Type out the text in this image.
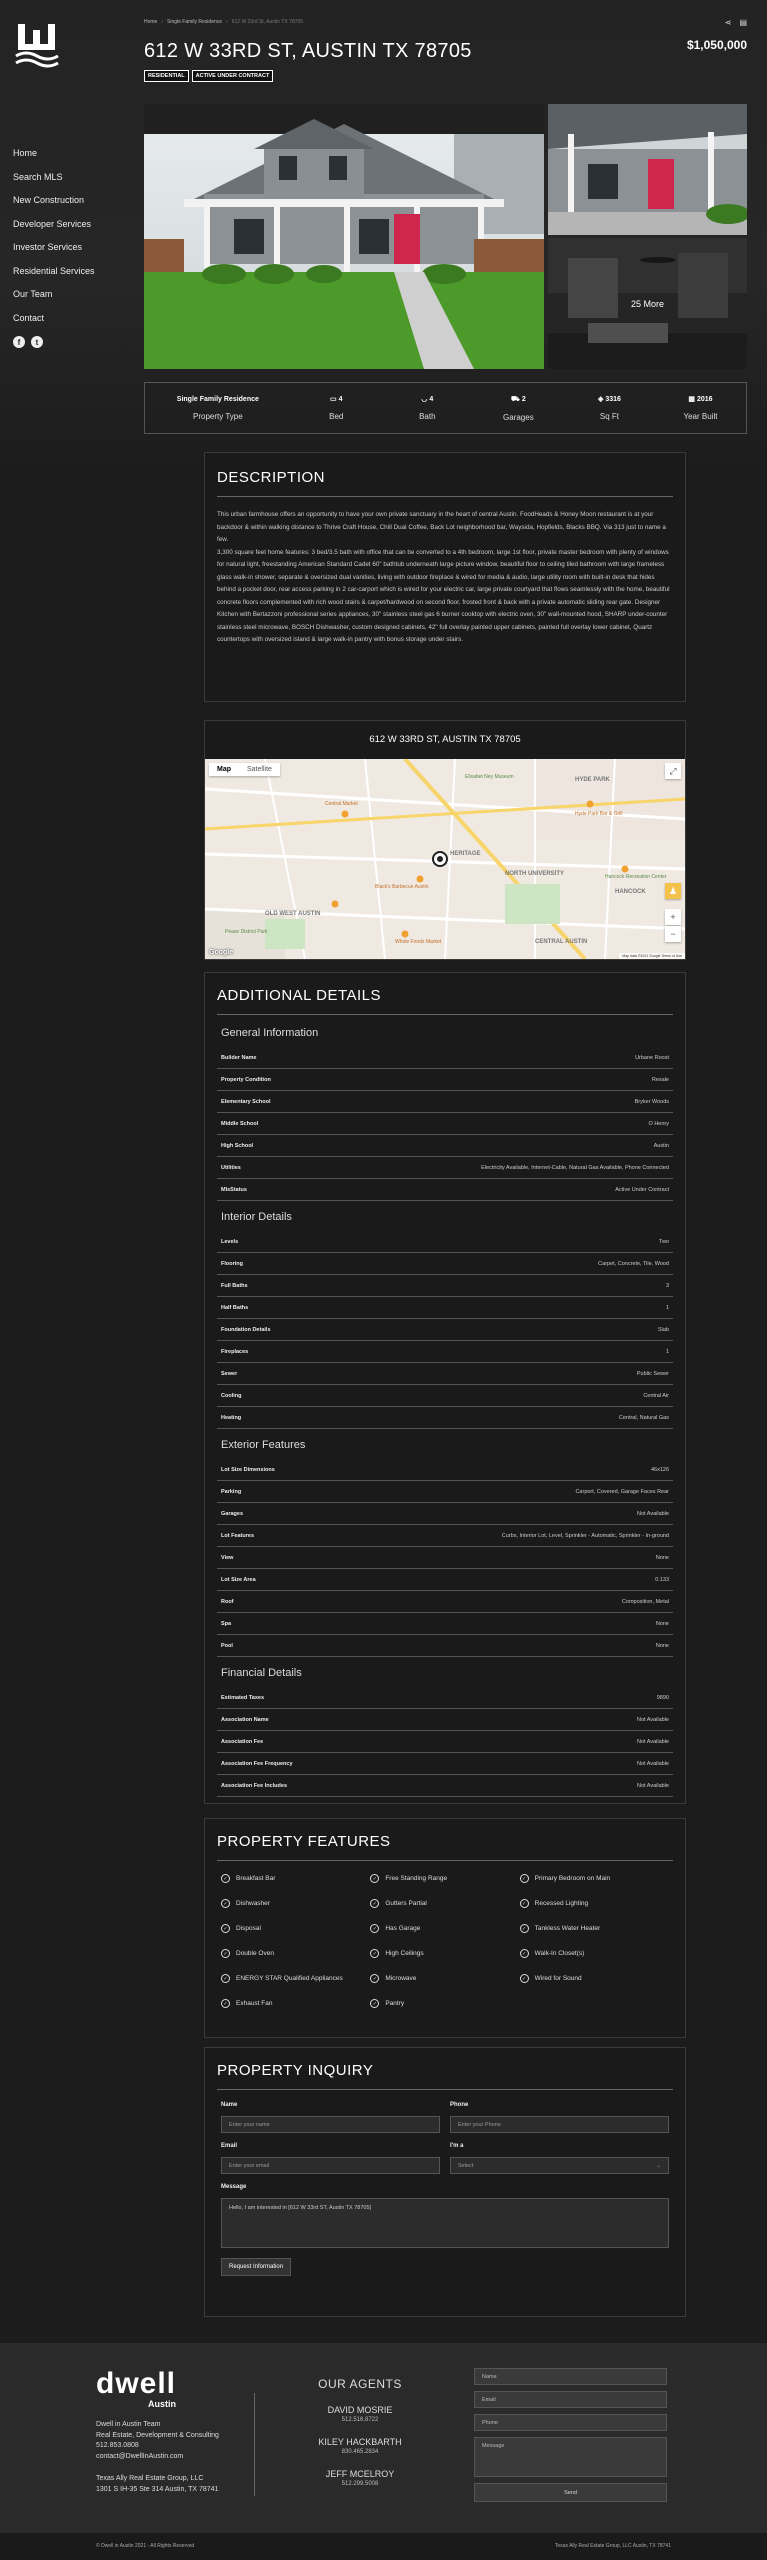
Home
Search MLS
New Construction
Developer Services
Investor Services
Residential Services
Our Team
Contact
f	t
Home › Single Family Residence › 612 W 33rd St, Austin TX 78705	⋖ ▤
612 W 33RD ST, AUSTIN TX 78705	$1,050,000
RESIDENTIAL	ACTIVE UNDER CONTRACT
25 More
Single Family Residence
Property Type
▭ 4
Bed
◡ 4
Bath
⛟ 2
Garages
◈ 3316
Sq Ft
▦ 2016
Year Built
DESCRIPTION

This urban farmhouse offers an opportunity to have your own private sanctuary in the heart of central Austin. FoodHeads & Honey Moon restaurant is at your backdoor & within walking distance to Thrive Craft House, Chill Dual Coffee, Back Lot neighborhood bar, Waysida, Hopfields, Blacks BBQ. Via 313 just to name a few.

3,300 square feet home features: 3 bed/3.5 bath with office that can be converted to a 4th bedroom, large 1st floor, private master bedroom with plenty of windows for natural light, freestanding American Standard Cadet 60" bathtub underneath large picture window, beautiful floor to ceiling tiled bathroom with large frameless glass walk-in shower, separate & oversized dual vanities, living with outdoor fireplace & wired for media & audio, large utility room with built-in desk that hides behind a pocket door, rear access parking in 2 car-carport which is wired for your electric car, large private courtyard that flows seamlessly with the home, beautiful concrete floors complemented with rich wood stairs & carpet/hardwood on second floor, frosted front & back with a private automatic sliding rear gate. Designer Kitchen with Bertazzoni professional series appliances, 30" stainless steel gas 6 burner cooktop with electric oven, 30" wall-mounted hood, SHARP under-counter stainless steel microwave, BOSCH Dishwasher, custom designed cabinets, 42" full overlay painted upper cabinets, painted full overlay lower cabinet, Quartz countertops with oversized island & large walk-in pantry with bonus storage under stairs.

612 W 33RD ST, AUSTIN TX 78705
HYDE PARK
HERITAGE
NORTH UNIVERSITY
OLD WEST AUSTIN
HANCOCK
CENTRAL AUSTIN
Central Market
Hyde Park Bar & Grill
Black's Barbecue Austin
Whole Foods Market
Elisabet Ney Museum
Hancock Recreation Center
Pease District Park
Map	Satellite	⤢
♟
+
−
Google	Map data ©2021 Google Terms of Use
ADDITIONAL DETAILS
General Information
Builder Name	Urbane Roost
Property Condition	Resale
Elementary School	Bryker Woods
Middle School	O Henry
High School	Austin
Utilities	Electricity Available, Internet-Cable, Natural Gas Available, Phone Connected
MlsStatus	Active Under Contract
Interior Details
Levels	Two
Flooring	Carpet, Concrete, Tile, Wood
Full Baths	3
Half Baths	1
Foundation Details	Slab
Fireplaces	1
Sewer	Public Sewer
Cooling	Central Air
Heating	Central, Natural Gas
Exterior Features
Lot Size Dimensions	46x126
Parking	Carport, Covered, Garage Faces Rear
Garages	Not Available
Lot Features	Curbs, Interior Lot, Level, Sprinkler - Automatic, Sprinkler - In-ground
View	None
Lot Size Area	0.133
Roof	Composition, Metal
Spa	None
Pool	None
Financial Details
Estimated Taxes	9890
Association Name	Not Available
Association Fee	Not Available
Association Fee Frequency	Not Available
Association Fee Includes	Not Available
PROPERTY FEATURES
✓	Breakfast Bar	✓	Free Standing Range	✓	Primary Bedroom on Main
✓	Dishwasher	✓	Gutters Partial	✓	Recessed Lighting
✓	Disposal	✓	Has Garage	✓	Tankless Water Heater
✓	Double Oven	✓	High Ceilings	✓	Walk-In Closet(s)
✓	ENERGY STAR Qualified Appliances	✓	Microwave	✓	Wired for Sound
✓	Exhaust Fan	✓	Pantry
PROPERTY INQUIRY
Name
Enter your name
Phone
Enter your Phone
Email
Enter your email
I'm a
Select	⌄
Message
Hello, I am interested in [612 W 33rd ST, Austin TX 78705]
Request Information
dwell
Austin
Dwell in Austin Team
Real Estate, Development & Consulting
512.853.0808
contact@DwellInAustin.com
Texas Ally Real Estate Group, LLC
1301 S IH-35 Ste 314 Austin, TX 78741
OUR AGENTS
DAVID MOSRIE
512.516.8722
KILEY HACKBARTH
830.465.2834
JEFF MCELROY
512.299.5008
Name
Email
Phone
Message
Send
© Dwell in Austin 2021 - All Rights Reserved	Texas Ally Real Estate Group, LLC Austin, TX 78741
